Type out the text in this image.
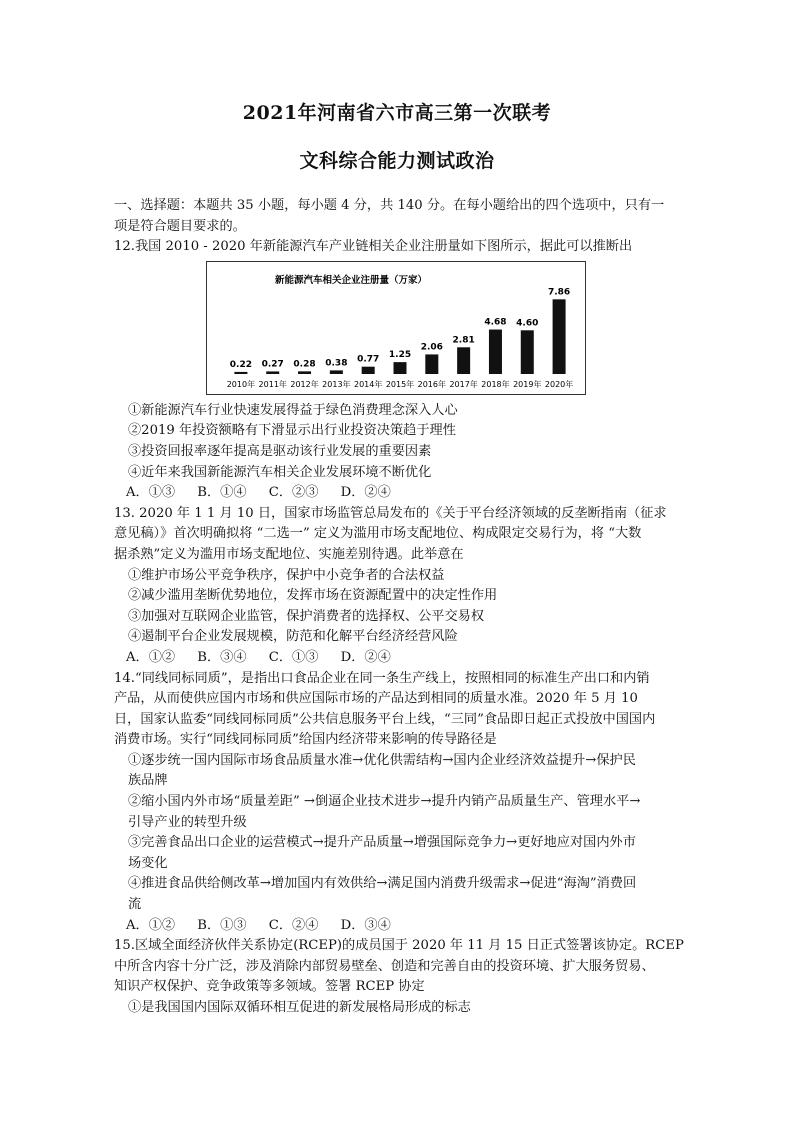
2021年河南省六市高三第一次联考
文科综合能力测试政治
一、选择题：本题共 35 小题，每小题 4 分，共 140 分。在每小题给出的四个选项中，只有一
项是符合题目要求的。
12.我国 2010 - 2020 年新能源汽车产业链相关企业注册量如下图所示，据此可以推断出
新能源汽车相关企业注册量（万家）
0.22
2010年
0.27
2011年
0.28
2012年
0.38
2013年
0.77
2014年
1.25
2015年
2.06
2016年
2.81
2017年
4.68
2018年
4.60
2019年
7.86
2020年
①新能源汽车行业快速发展得益于绿色消费理念深入人心
②2019 年投资额略有下滑显示出行业投资决策趋于理性
③投资回报率逐年提高是驱动该行业发展的重要因素
④近年来我国新能源汽车相关企业发展环境不断优化
A．①③ B．①④ C．②③ D．②④
13. 2020 年 1 1 月 10 日，国家市场监管总局发布的《关于平台经济领域的反垄断指南（征求
意见稿）》首次明确拟将 “二选一” 定义为滥用市场支配地位、构成限定交易行为，将 “大数
据杀熟”定义为滥用市场支配地位、实施差别待遇。此举意在
①维护市场公平竞争秩序，保护中小竞争者的合法权益
②减少滥用垄断优势地位，发挥市场在资源配置中的决定性作用
③加强对互联网企业监管，保护消费者的选择权、公平交易权
④遏制平台企业发展规模，防范和化解平台经济经营风险
A．①② B．③④ C．①③ D．②④
14.“同线同标同质”，是指出口食品企业在同一条生产线上，按照相同的标准生产出口和内销
产品，从而使供应国内市场和供应国际市场的产品达到相同的质量水准。2020 年 5 月 10
日，国家认监委“同线同标同质”公共信息服务平台上线，“三同”食品即日起正式投放中国国内
消费市场。实行“同线同标同质”给国内经济带来影响的传导路径是
①逐步统一国内国际市场食品质量水准→优化供需结构→国内企业经济效益提升→保护民
族品牌
②缩小国内外市场“质量差距” →倒逼企业技术进步→提升内销产品质量生产、管理水平→
引导产业的转型升级
③完善食品出口企业的运营模式→提升产品质量→增强国际竞争力→更好地应对国内外市
场变化
④推进食品供给侧改革→增加国内有效供给→满足国内消费升级需求→促进“海淘”消费回
流
A．①② B．①③ C．②④ D．③④
15.区域全面经济伙伴关系协定(RCEP)的成员国于 2020 年 11 月 15 日正式签署该协定。RCEP
中所含内容十分广泛，涉及消除内部贸易壁垒、创造和完善自由的投资环境、扩大服务贸易、
知识产权保护、竞争政策等多领域。签署 RCEP 协定
①是我国国内国际双循环相互促进的新发展格局形成的标志
